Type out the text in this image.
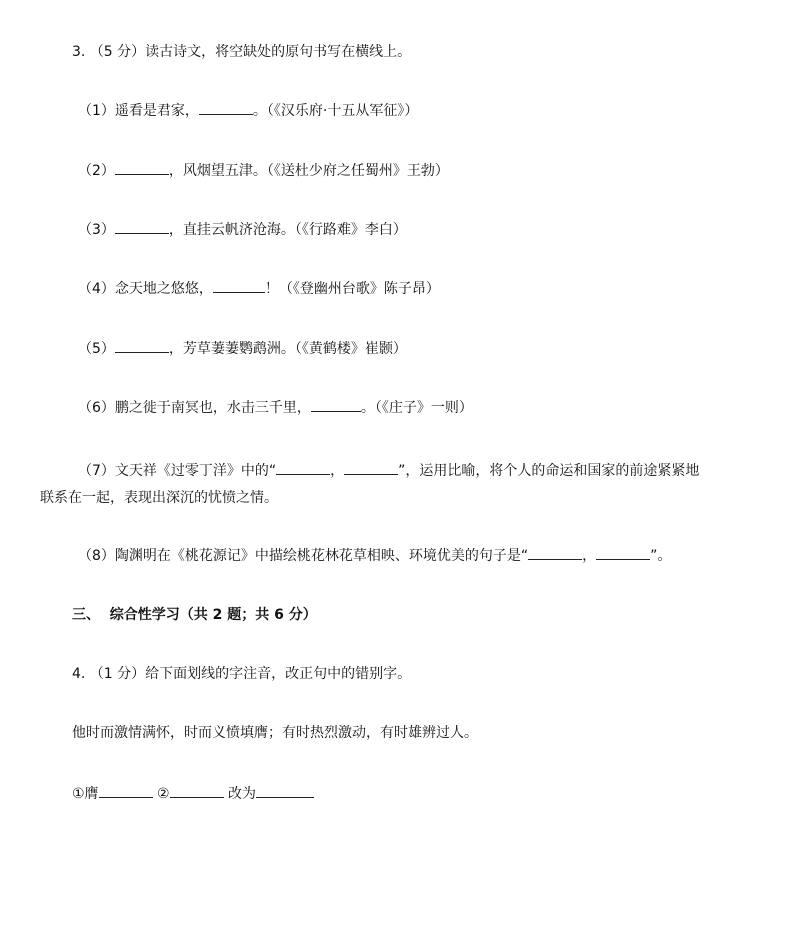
3. （5 分）读古诗文，将空缺处的原句书写在横线上。
（1）遥看是君家，	。（《汉乐府·十五从军征》）
（2）	，风烟望五津。（《送杜少府之任蜀州》王勃）
（3）	，直挂云帆济沧海。（《行路难》李白）
（4）念天地之悠悠，	！（《登幽州台歌》陈子昂）
（5）	，芳草萋萋鹦鹉洲。（《黄鹤楼》崔颢）
（6）鹏之徙于南冥也，水击三千里，	。（《庄子》一则）
（7）文天祥《过零丁洋》中的“	，	”，运用比喻，将个人的命运和国家的前途紧紧地
联系在一起，表现出深沉的忧愤之情。
（8）陶渊明在《桃花源记》中描绘桃花林花草相映、环境优美的句子是“	，	”。
三、  综合性学习（共 2 题；共 6 分）
4. （1 分）给下面划线的字注音，改正句中的错别字。
他时而激情满怀，时而义愤填膺；有时热烈激动，有时雄辨过人。
①膺	②	改为
